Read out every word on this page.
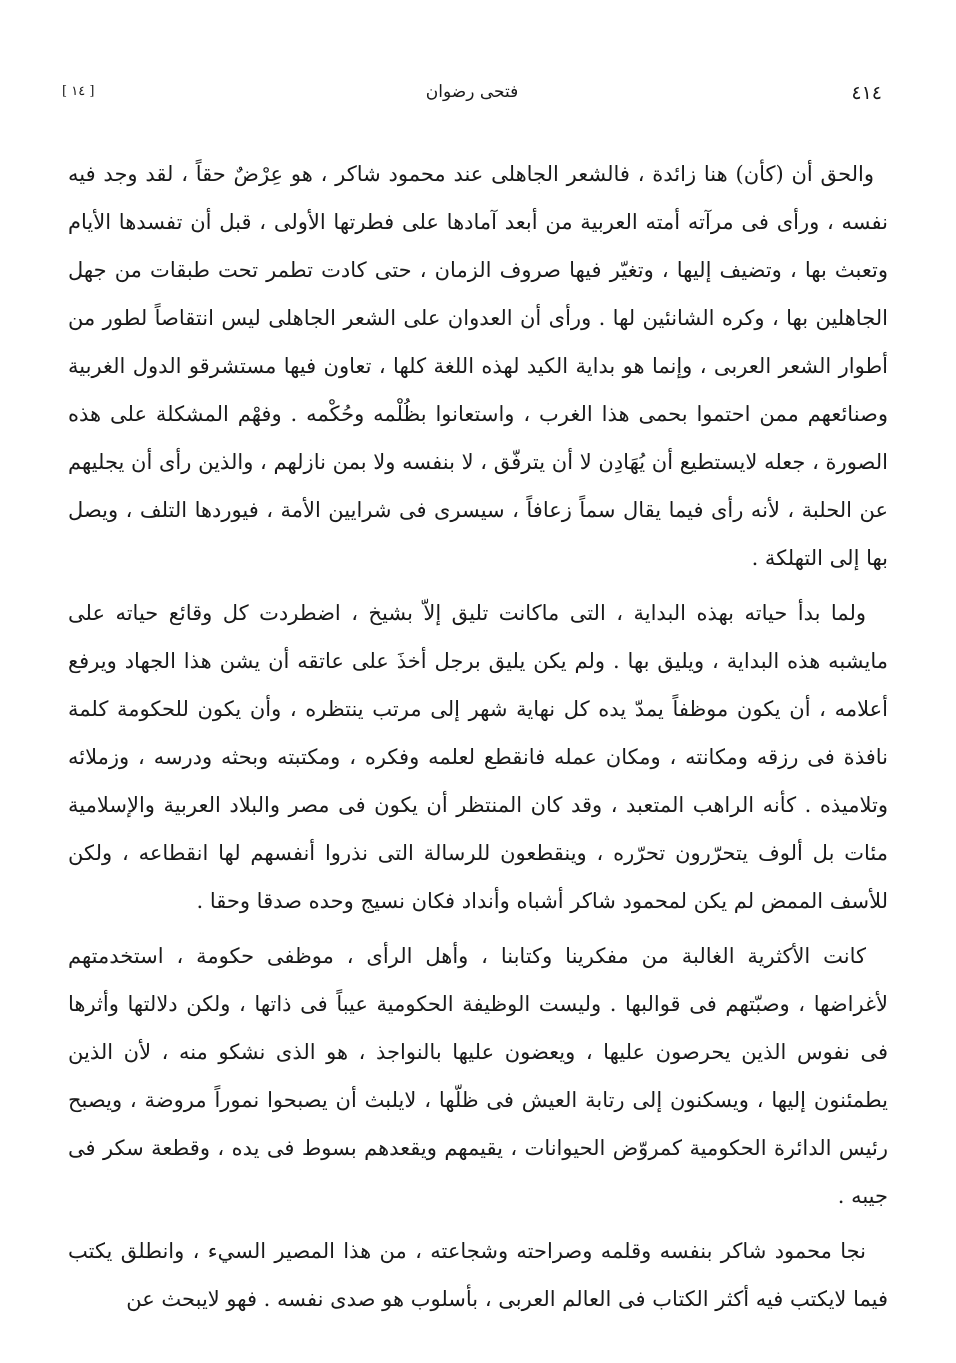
٤١٤
فتحى رضوان
[ ١٤ ]

والحق أن (كأن) هنا زائدة ، فالشعر الجاهلى عند محمود شاكر ، هو عِرْضٌ حقاً ، لقد وجد فيه نفسه ، ورأى فى مرآته أمته العربية من أبعد آمادها على فطرتها الأولى ، قبل أن تفسدها الأيام وتعبث بها ، وتضيف إليها ، وتغيّر فيها صروف الزمان ، حتى كادت تطمر تحت طبقات من جهل الجاهلين بها ، وكره الشانئين لها . ورأى أن العدوان على الشعر الجاهلى ليس انتقاصاً لطور من أطوار الشعر العربى ، وإنما هو بداية الكيد لهذه اللغة كلها ، تعاون فيها مستشرقو الدول الغربية وصنائعهم ممن احتموا بحمى هذا الغرب ، واستعانوا بظُلْمه وحُكْمه . وفهْم المشكلة على هذه الصورة ، جعله لايستطيع أن يُهَادِن لا أن يترفّق ، لا بنفسه ولا بمن نازلهم ، والذين رأى أن يجليهم عن الحلبة ، لأنه رأى فيما يقال سماً زعافاً ، سيسرى فى شرايين الأمة ، فيوردها التلف ، ويصل بها إلى التهلكة .

ولما بدأ حياته بهذه البداية ، التى ماكانت تليق إلاّ بشيخ ، اضطردت كل وقائع حياته على مايشبه هذه البداية ، ويليق بها . ولم يكن يليق برجل أخذَ على عاتقه أن يشن هذا الجهاد ويرفع أعلامه ، أن يكون موظفاً يمدّ يده كل نهاية شهر إلى مرتب ينتظره ، وأن يكون للحكومة كلمة نافذة فى رزقه ومكانته ، ومكان عمله فانقطع لعلمه وفكره ، ومكتبته وبحثه ودرسه ، وزملائه وتلاميذه . كأنه الراهب المتعبد ، وقد كان المنتظر أن يكون فى مصر والبلاد العربية والإسلامية مئات بل ألوف يتحرّرون تحرّره ، وينقطعون للرسالة التى نذروا أنفسهم لها انقطاعه ، ولكن للأسف الممض لم يكن لمحمود شاكر أشباه وأنداد فكان نسيج وحده صدقا وحقا .

كانت الأكثرية الغالبة من مفكرينا وكتابنا ، وأهل الرأى ، موظفى حكومة ، استخدمتهم لأغراضها ، وصبّتهم فى قوالبها . وليست الوظيفة الحكومية عيباً فى ذاتها ، ولكن دلالتها وأثرها فى نفوس الذين يحرصون عليها ، ويعضون عليها بالنواجذ ، هو الذى نشكو منه ، لأن الذين يطمئنون إليها ، ويسكنون إلى رتابة العيش فى ظلّها ، لايلبث أن يصبحوا نموراً مروضة ، ويصبح رئيس الدائرة الحكومية كمروّض الحيوانات ، يقيمهم ويقعدهم بسوط فى يده ، وقطعة سكر فى جيبه .

نجا محمود شاكر بنفسه وقلمه وصراحته وشجاعته ، من هذا المصير السيء ، وانطلق يكتب فيما لايكتب فيه أكثر الكتاب فى العالم العربى ، بأسلوب هو صدى نفسه . فهو لايبحث عن
